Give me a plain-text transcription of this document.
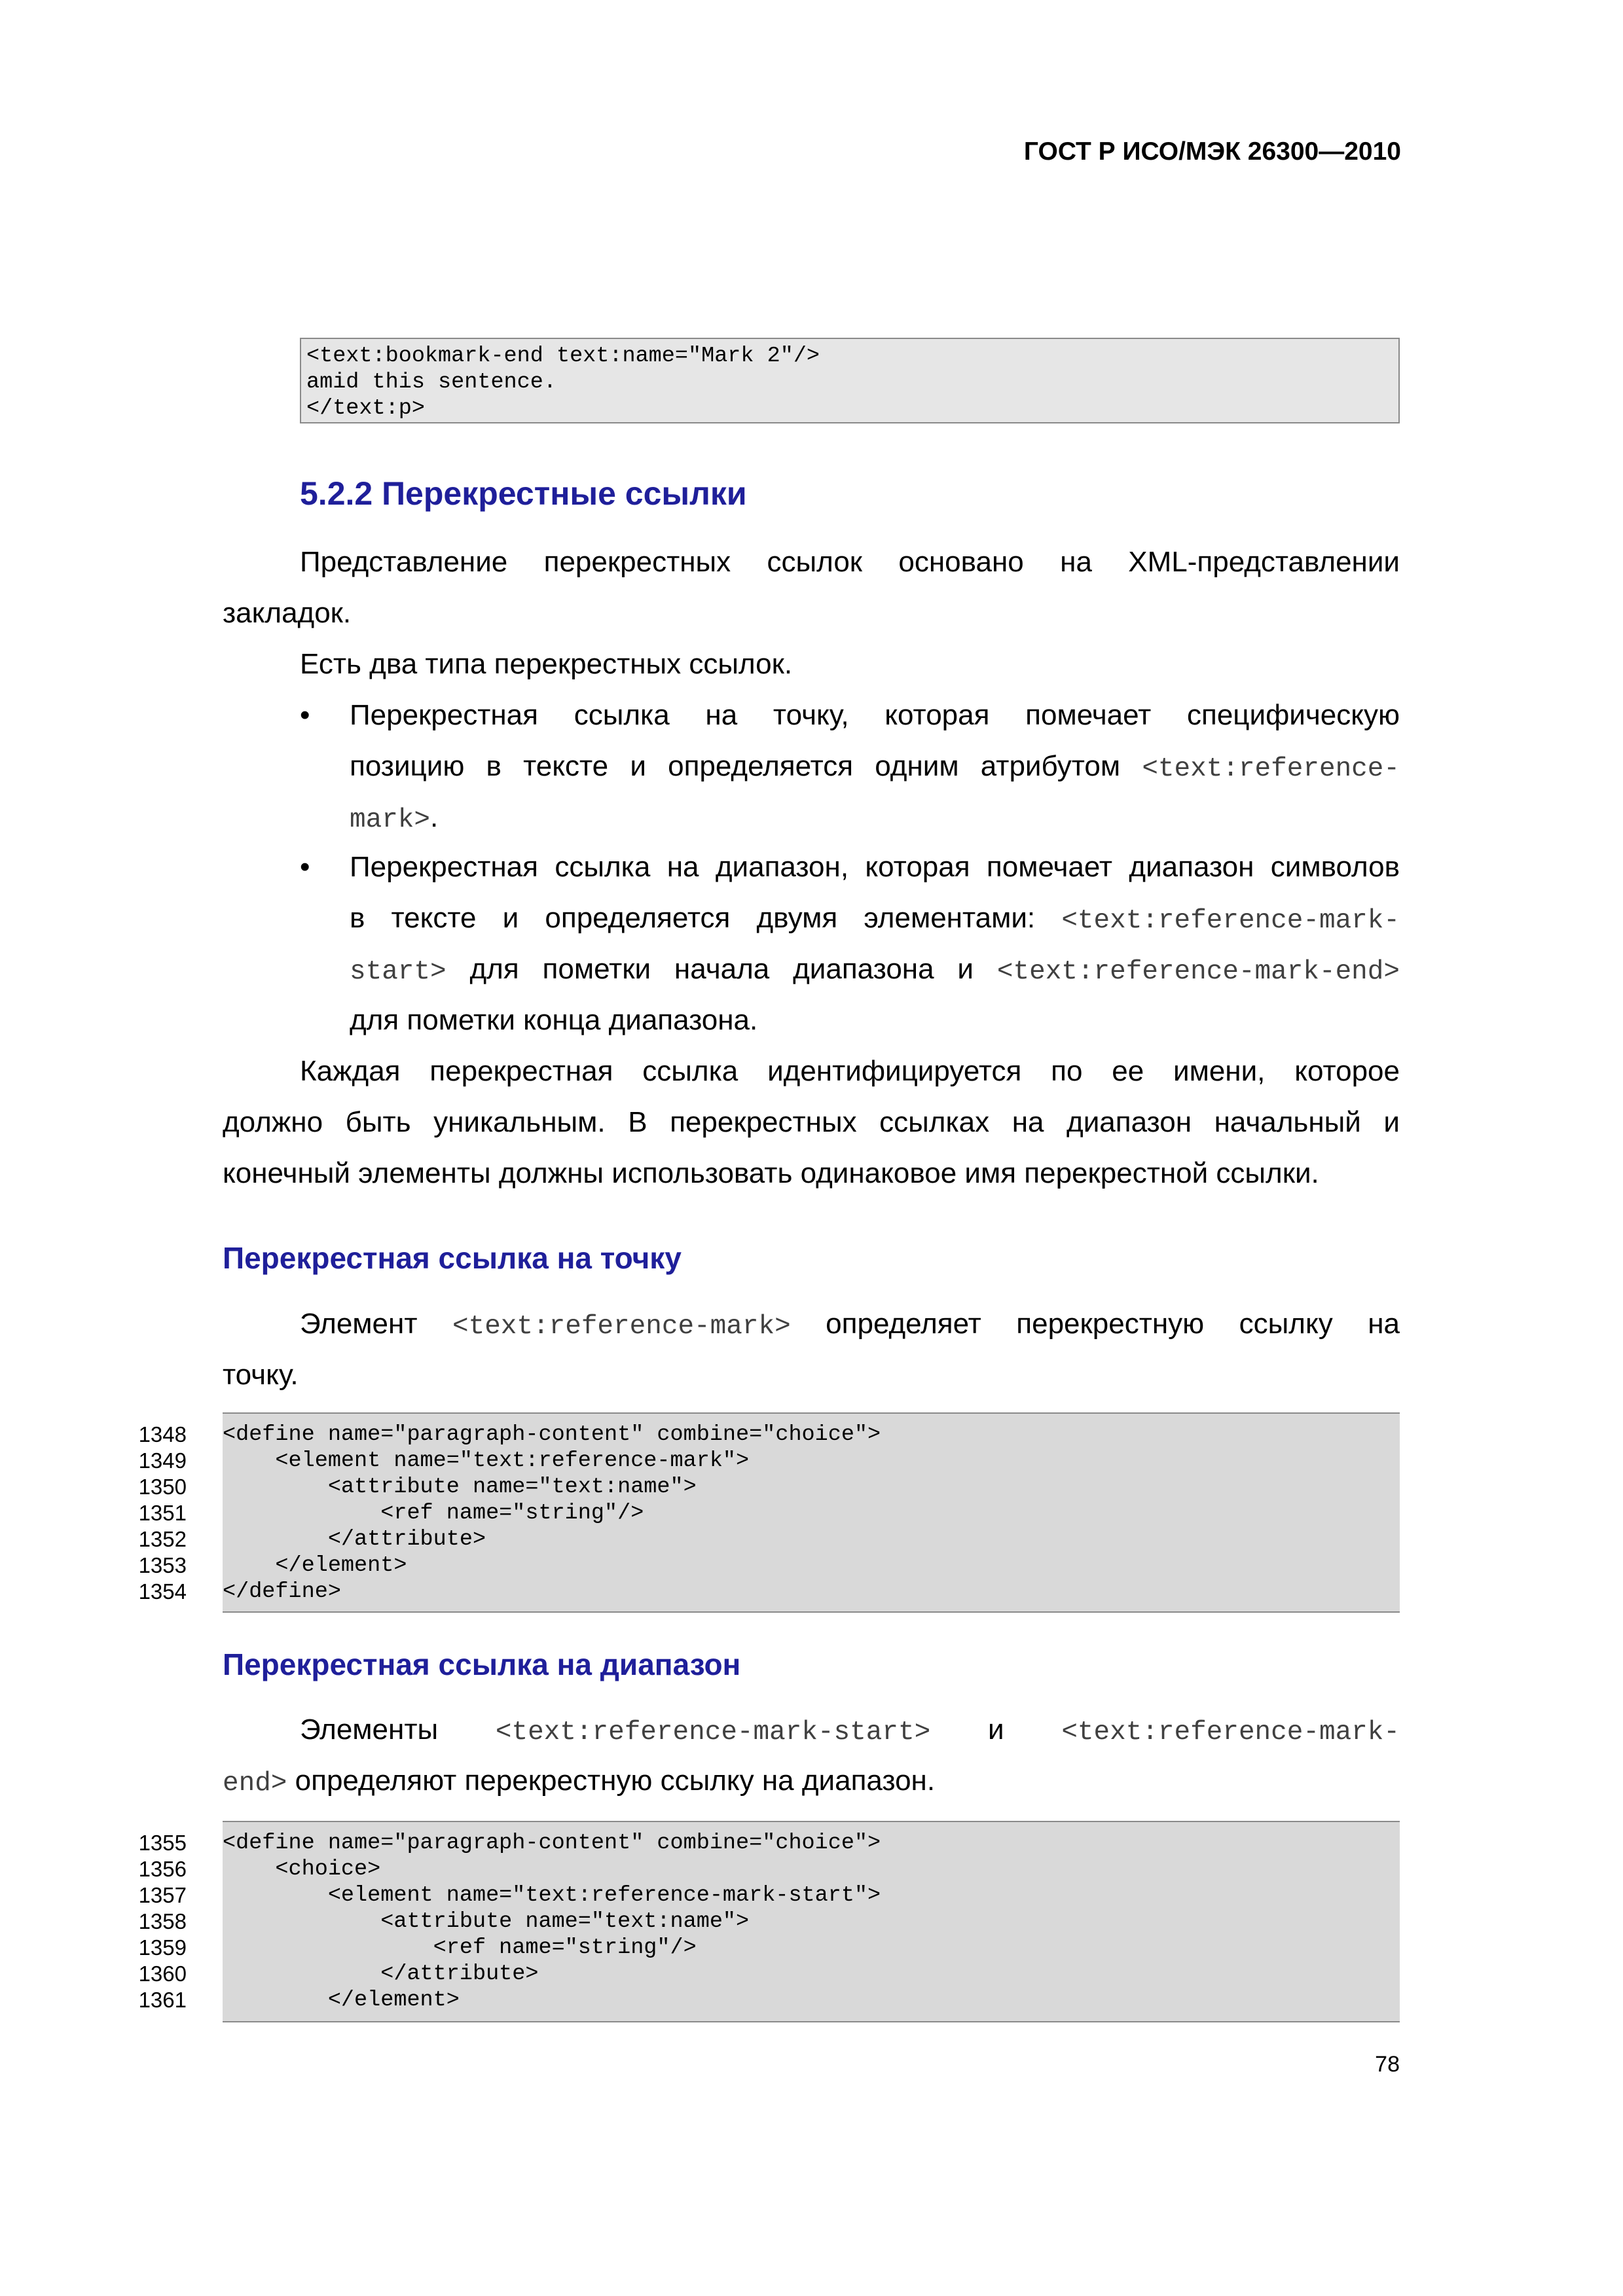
ГОСТ Р ИСО/МЭК 26300—2010
<text:bookmark-end text:name="Mark 2"/>
amid this sentence.
</text:p>
5.2.2 Перекрестные ссылки
Представление перекрестных ссылок основано на XML-представлении
закладок.
Есть два типа перекрестных ссылок.
•	Перекрестная ссылка на точку, которая помечает специфическую
позицию в тексте и определяется одним атрибутом <text:reference-
mark>.
•	Перекрестная ссылка на диапазон, которая помечает диапазон символов
в тексте и определяется двумя элементами: <text:reference-mark-
start> для пометки начала диапазона и <text:reference-mark-end>
для пометки конца диапазона.
Каждая перекрестная ссылка идентифицируется по ее имени, которое
должно быть уникальным. В перекрестных ссылках на диапазон начальный и
конечный элементы должны использовать одинаковое имя перекрестной ссылки.
Перекрестная ссылка на точку
Элемент <text:reference-mark> определяет перекрестную ссылку на
точку.
1348
1349
1350
1351
1352
1353
1354
<define name="paragraph-content" combine="choice">
<element name="text:reference-mark">
<attribute name="text:name">
<ref name="string"/>
</attribute>
</element>
</define>
Перекрестная ссылка на диапазон
Элементы <text:reference-mark-start> и <text:reference-mark-
end> определяют перекрестную ссылку на диапазон.
1355
1356
1357
1358
1359
1360
1361
<define name="paragraph-content" combine="choice">
<choice>
<element name="text:reference-mark-start">
<attribute name="text:name">
<ref name="string"/>
</attribute>
</element>
78
